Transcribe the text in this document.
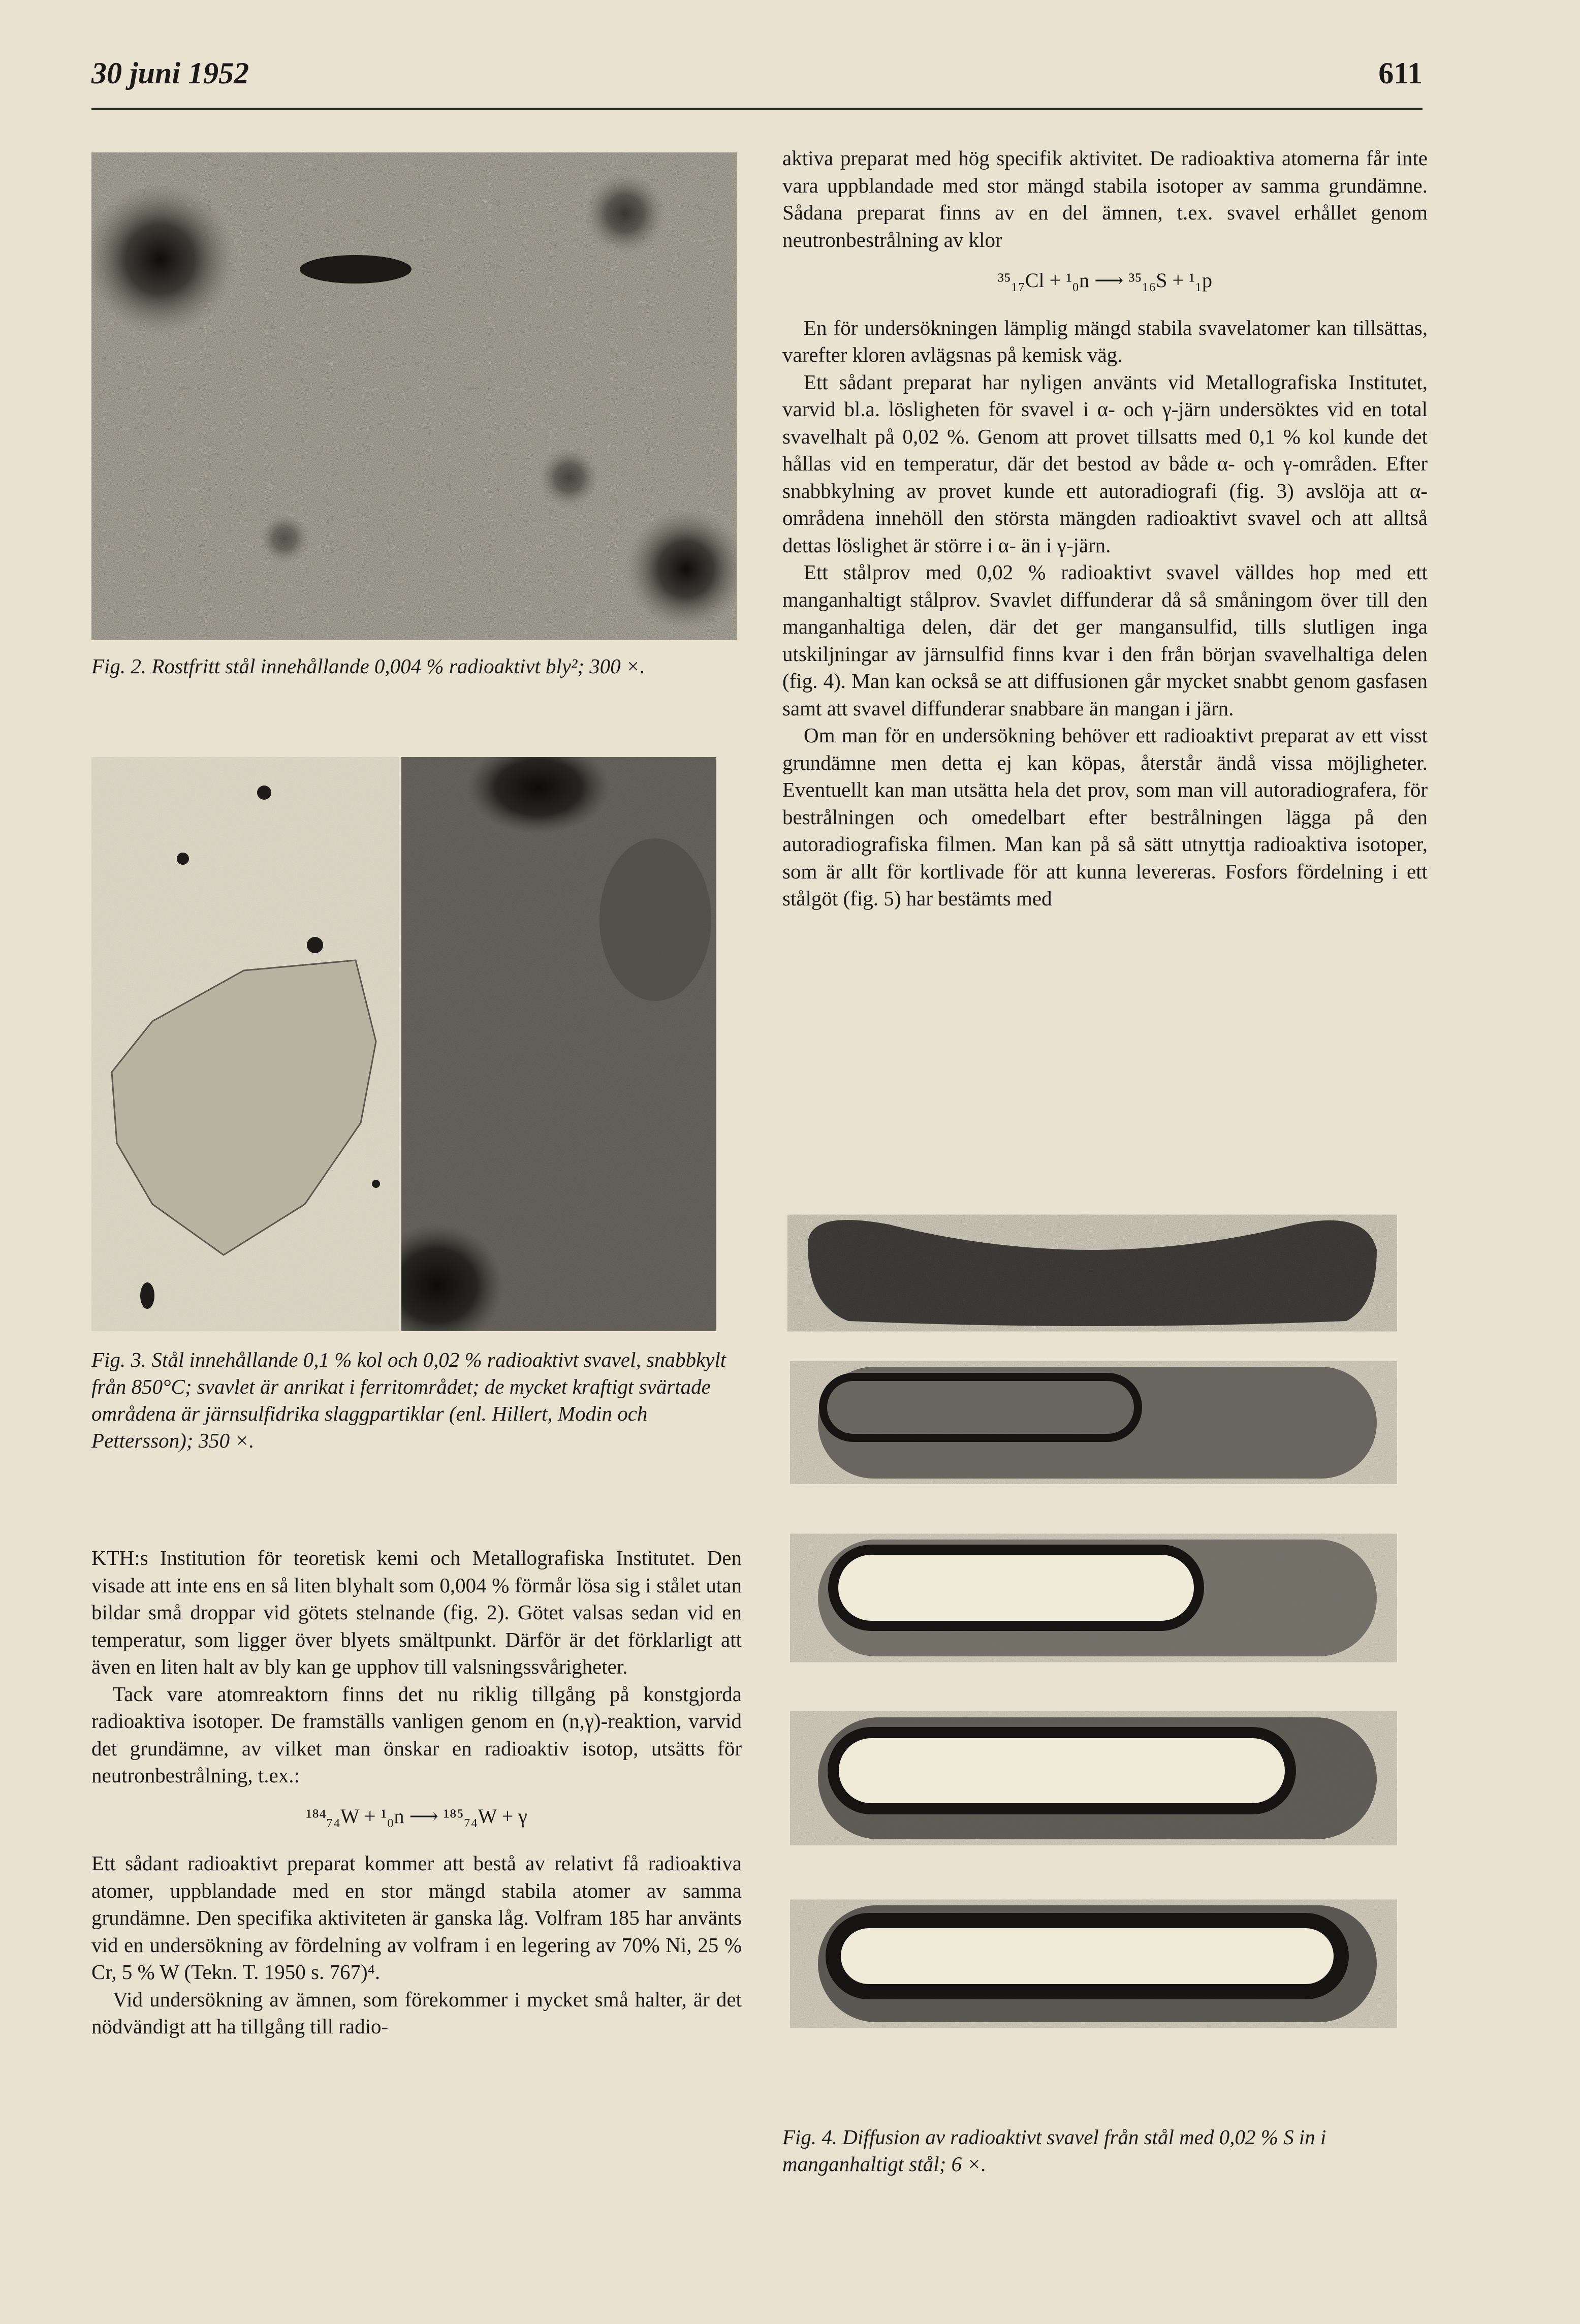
30 juni 1952	611

Fig. 2. Rostfritt stål innehållande 0,004 % radioaktivt bly²; 300 ×.

Fig. 3. Stål innehållande 0,1 % kol och 0,02 % radioaktivt svavel, snabbkylt från 850°C; svavlet är anrikat i ferritområdet; de mycket kraftigt svärtade områdena är järnsulfidrika slaggpartiklar (enl. Hillert, Modin och Pettersson); 350 ×.

KTH:s Institution för teoretisk kemi och Metallografiska Institutet. Den visade att inte ens en så liten blyhalt som 0,004 % förmår lösa sig i stålet utan bildar små droppar vid götets stelnande (fig. 2). Götet valsas sedan vid en temperatur, som ligger över blyets smältpunkt. Därför är det förklarligt att även en liten halt av bly kan ge upphov till valsningssvårigheter.

Tack vare atomreaktorn finns det nu riklig tillgång på konstgjorda radioaktiva isotoper. De framställs vanligen genom en (n,γ)-reaktion, varvid det grundämne, av vilket man önskar en radioaktiv isotop, utsätts för neutronbestrålning, t.ex.:

¹⁸⁴₇₄W + ¹₀n ⟶ ¹⁸⁵₇₄W + γ

Ett sådant radioaktivt preparat kommer att bestå av relativt få radioaktiva atomer, uppblandade med en stor mängd stabila atomer av samma grundämne. Den specifika aktiviteten är ganska låg. Volfram 185 har använts vid en undersökning av fördelning av volfram i en legering av 70% Ni, 25 % Cr, 5 % W (Tekn. T. 1950 s. 767)⁴.

Vid undersökning av ämnen, som förekommer i mycket små halter, är det nödvändigt att ha tillgång till radio-

aktiva preparat med hög specifik aktivitet. De radioaktiva atomerna får inte vara uppblandade med stor mängd stabila isotoper av samma grundämne. Sådana preparat finns av en del ämnen, t.ex. svavel erhållet genom neutronbestrålning av klor

³⁵₁₇Cl + ¹₀n ⟶ ³⁵₁₆S + ¹₁p

En för undersökningen lämplig mängd stabila svavelatomer kan tillsättas, varefter kloren avlägsnas på kemisk väg.

Ett sådant preparat har nyligen använts vid Metallografiska Institutet, varvid bl.a. lösligheten för svavel i α- och γ-järn undersöktes vid en total svavelhalt på 0,02 %. Genom att provet tillsatts med 0,1 % kol kunde det hållas vid en temperatur, där det bestod av både α- och γ-områden. Efter snabbkylning av provet kunde ett autoradiografi (fig. 3) avslöja att α-områdena innehöll den största mängden radioaktivt svavel och att alltså dettas löslighet är större i α- än i γ-järn.

Ett stålprov med 0,02 % radioaktivt svavel välldes hop med ett manganhaltigt stålprov. Svavlet diffunderar då så småningom över till den manganhaltiga delen, där det ger mangansulfid, tills slutligen inga utskiljningar av järnsulfid finns kvar i den från början svavelhaltiga delen (fig. 4). Man kan också se att diffusionen går mycket snabbt genom gasfasen samt att svavel diffunderar snabbare än mangan i järn.

Om man för en undersökning behöver ett radioaktivt preparat av ett visst grundämne men detta ej kan köpas, återstår ändå vissa möjligheter. Eventuellt kan man utsätta hela det prov, som man vill autoradiografera, för bestrålningen och omedelbart efter bestrålningen lägga på den autoradiografiska filmen. Man kan på så sätt utnyttja radioaktiva isotoper, som är allt för kortlivade för att kunna levereras. Fosfors fördelning i ett stålgöt (fig. 5) har bestämts med

Fig. 4. Diffusion av radioaktivt svavel från stål med 0,02 % S in i manganhaltigt stål; 6 ×.
